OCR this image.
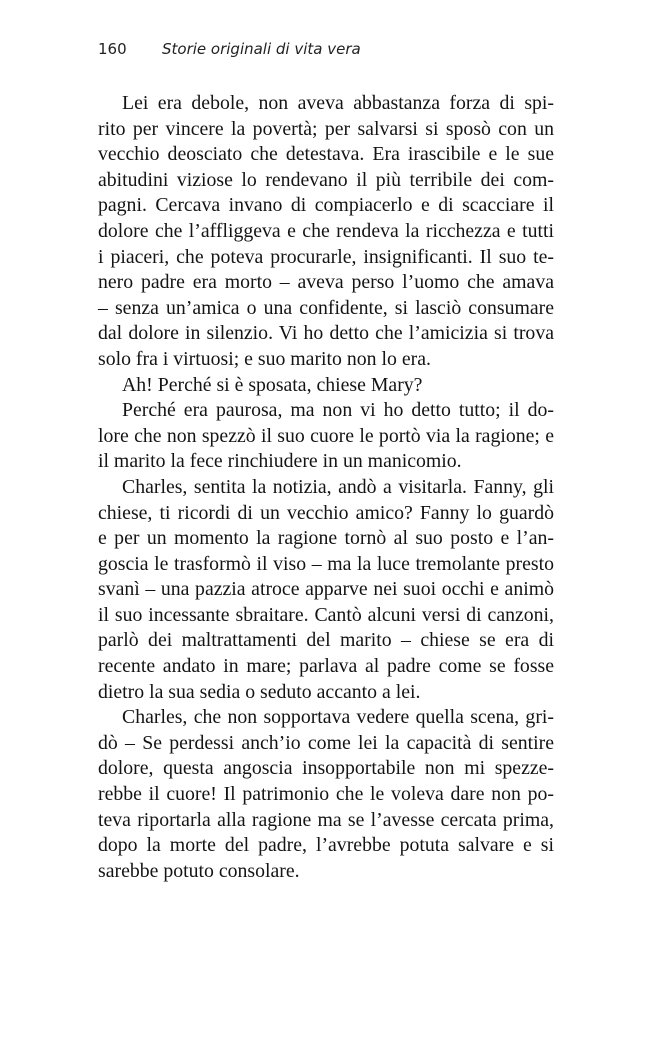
160 Storie originali di vita vera
Lei era debole, non aveva abbastanza forza di spi-
rito per vincere la povertà; per salvarsi si sposò con un
vecchio deosciato che detestava. Era irascibile e le sue
abitudini viziose lo rendevano il più terribile dei com-
pagni. Cercava invano di compiacerlo e di scacciare il
dolore che l’affliggeva e che rendeva la ricchezza e tutti
i piaceri, che poteva procurarle, insignificanti. Il suo te-
nero padre era morto – aveva perso l’uomo che amava
– senza un’amica o una confidente, si lasciò consumare
dal dolore in silenzio. Vi ho detto che l’amicizia si trova
solo fra i virtuosi; e suo marito non lo era.
Ah! Perché si è sposata, chiese Mary?
Perché era paurosa, ma non vi ho detto tutto; il do-
lore che non spezzò il suo cuore le portò via la ragione; e
il marito la fece rinchiudere in un manicomio.
Charles, sentita la notizia, andò a visitarla. Fanny, gli
chiese, ti ricordi di un vecchio amico? Fanny lo guardò
e per un momento la ragione tornò al suo posto e l’an-
goscia le trasformò il viso – ma la luce tremolante presto
svanì – una pazzia atroce apparve nei suoi occhi e animò
il suo incessante sbraitare. Cantò alcuni versi di canzoni,
parlò dei maltrattamenti del marito – chiese se era di
recente andato in mare; parlava al padre come se fosse
dietro la sua sedia o seduto accanto a lei.
Charles, che non sopportava vedere quella scena, gri-
dò – Se perdessi anch’io come lei la capacità di sentire
dolore, questa angoscia insopportabile non mi spezze-
rebbe il cuore! Il patrimonio che le voleva dare non po-
teva riportarla alla ragione ma se l’avesse cercata prima,
dopo la morte del padre, l’avrebbe potuta salvare e si
sarebbe potuto consolare.
